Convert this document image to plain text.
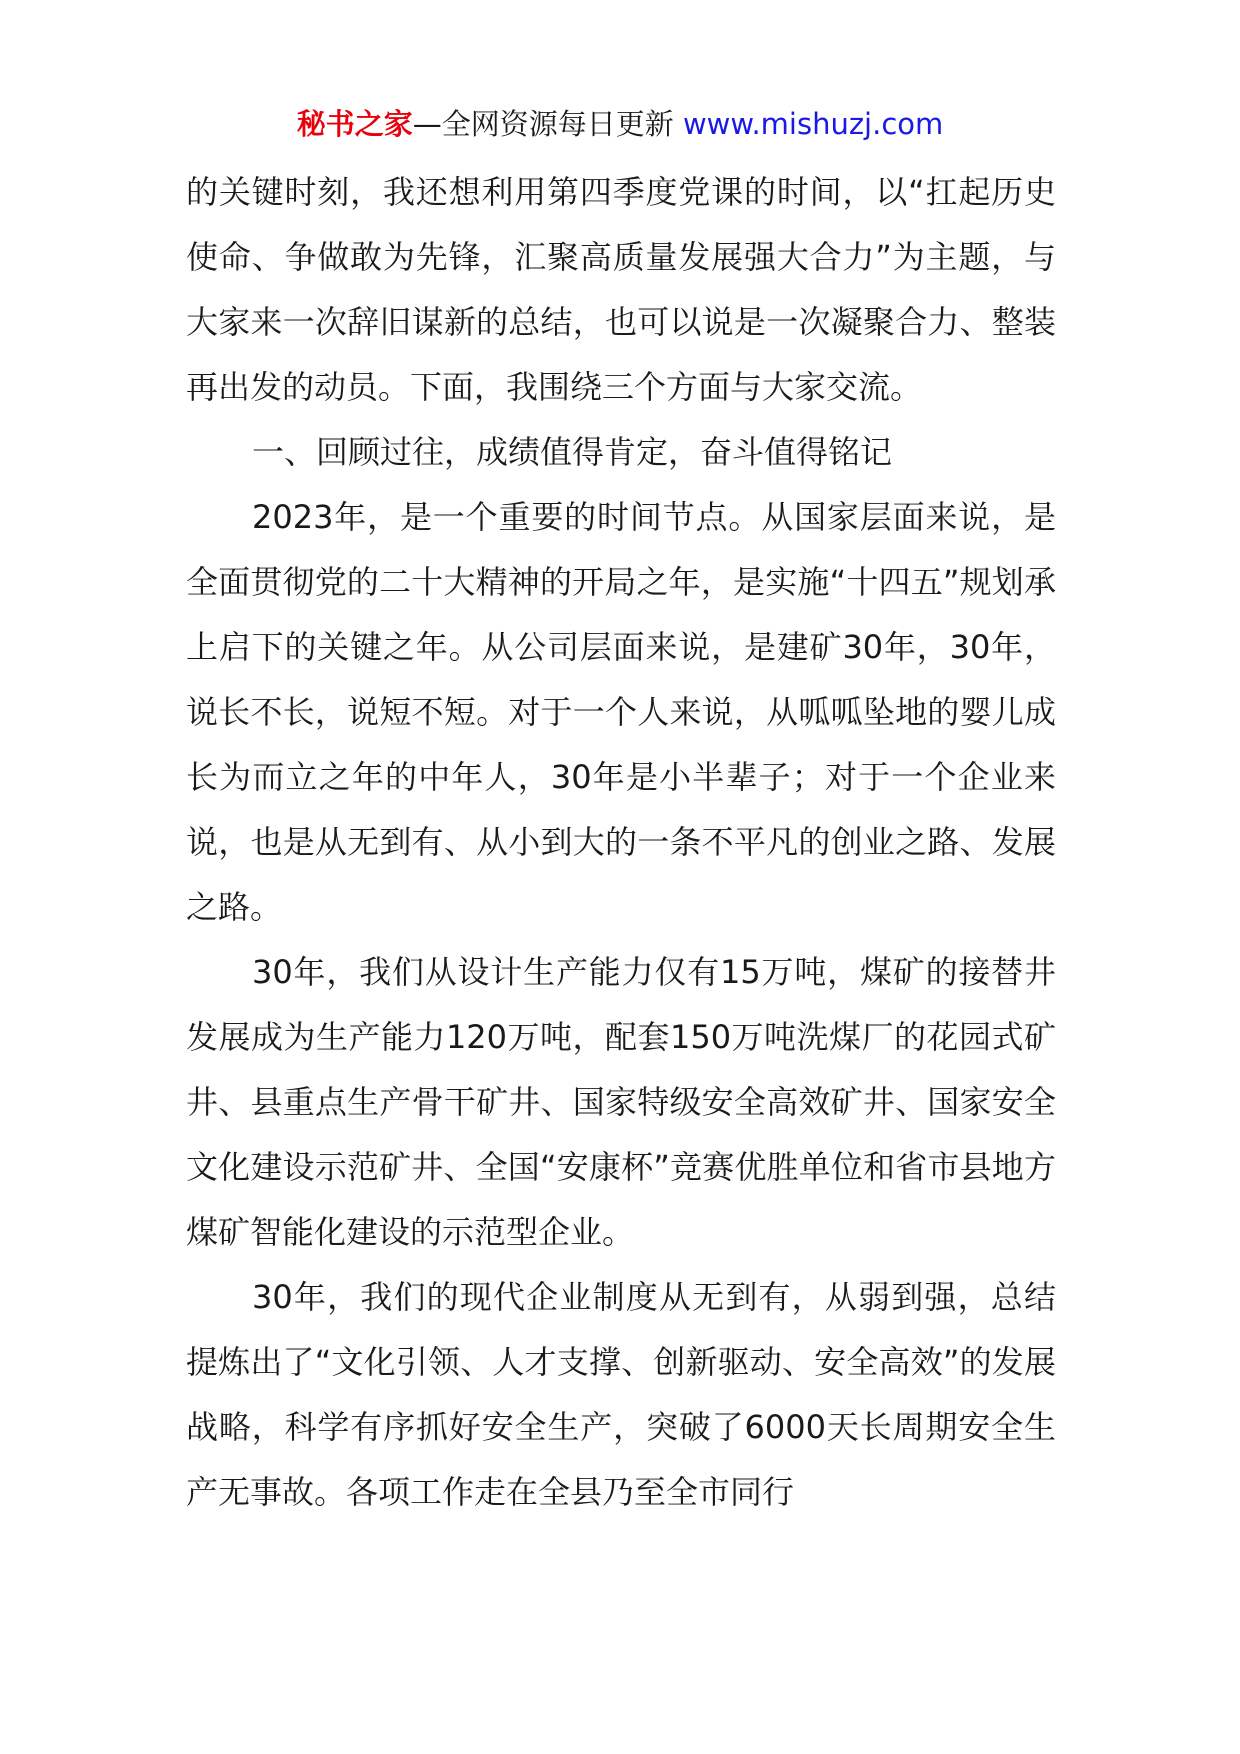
秘书之家—全网资源每日更新 www.mishuzj.com

的关键时刻，我还想利用第四季度党课的时间，以“扛起历史使命、争做敢为先锋，汇聚高质量发展强大合力”为主题，与大家来一次辞旧谋新的总结，也可以说是一次凝聚合力、整装再出发的动员。下面，我围绕三个方面与大家交流。

一、回顾过往，成绩值得肯定，奋斗值得铭记

2023年，是一个重要的时间节点。从国家层面来说，是全面贯彻党的二十大精神的开局之年，是实施“十四五”规划承上启下的关键之年。从公司层面来说，是建矿30年，30年，说长不长，说短不短。对于一个人来说，从呱呱坠地的婴儿成长为而立之年的中年人，30年是小半辈子；对于一个企业来说，也是从无到有、从小到大的一条不平凡的创业之路、发展之路。

30年，我们从设计生产能力仅有15万吨，煤矿的接替井发展成为生产能力120万吨，配套150万吨洗煤厂的花园式矿井、县重点生产骨干矿井、国家特级安全高效矿井、国家安全文化建设示范矿井、全国“安康杯”竞赛优胜单位和省市县地方煤矿智能化建设的示范型企业。

30年，我们的现代企业制度从无到有，从弱到强，总结提炼出了“文化引领、人才支撑、创新驱动、安全高效”的发展战略，科学有序抓好安全生产，突破了6000天长周期安全生产无事故。各项工作走在全县乃至全市同行
